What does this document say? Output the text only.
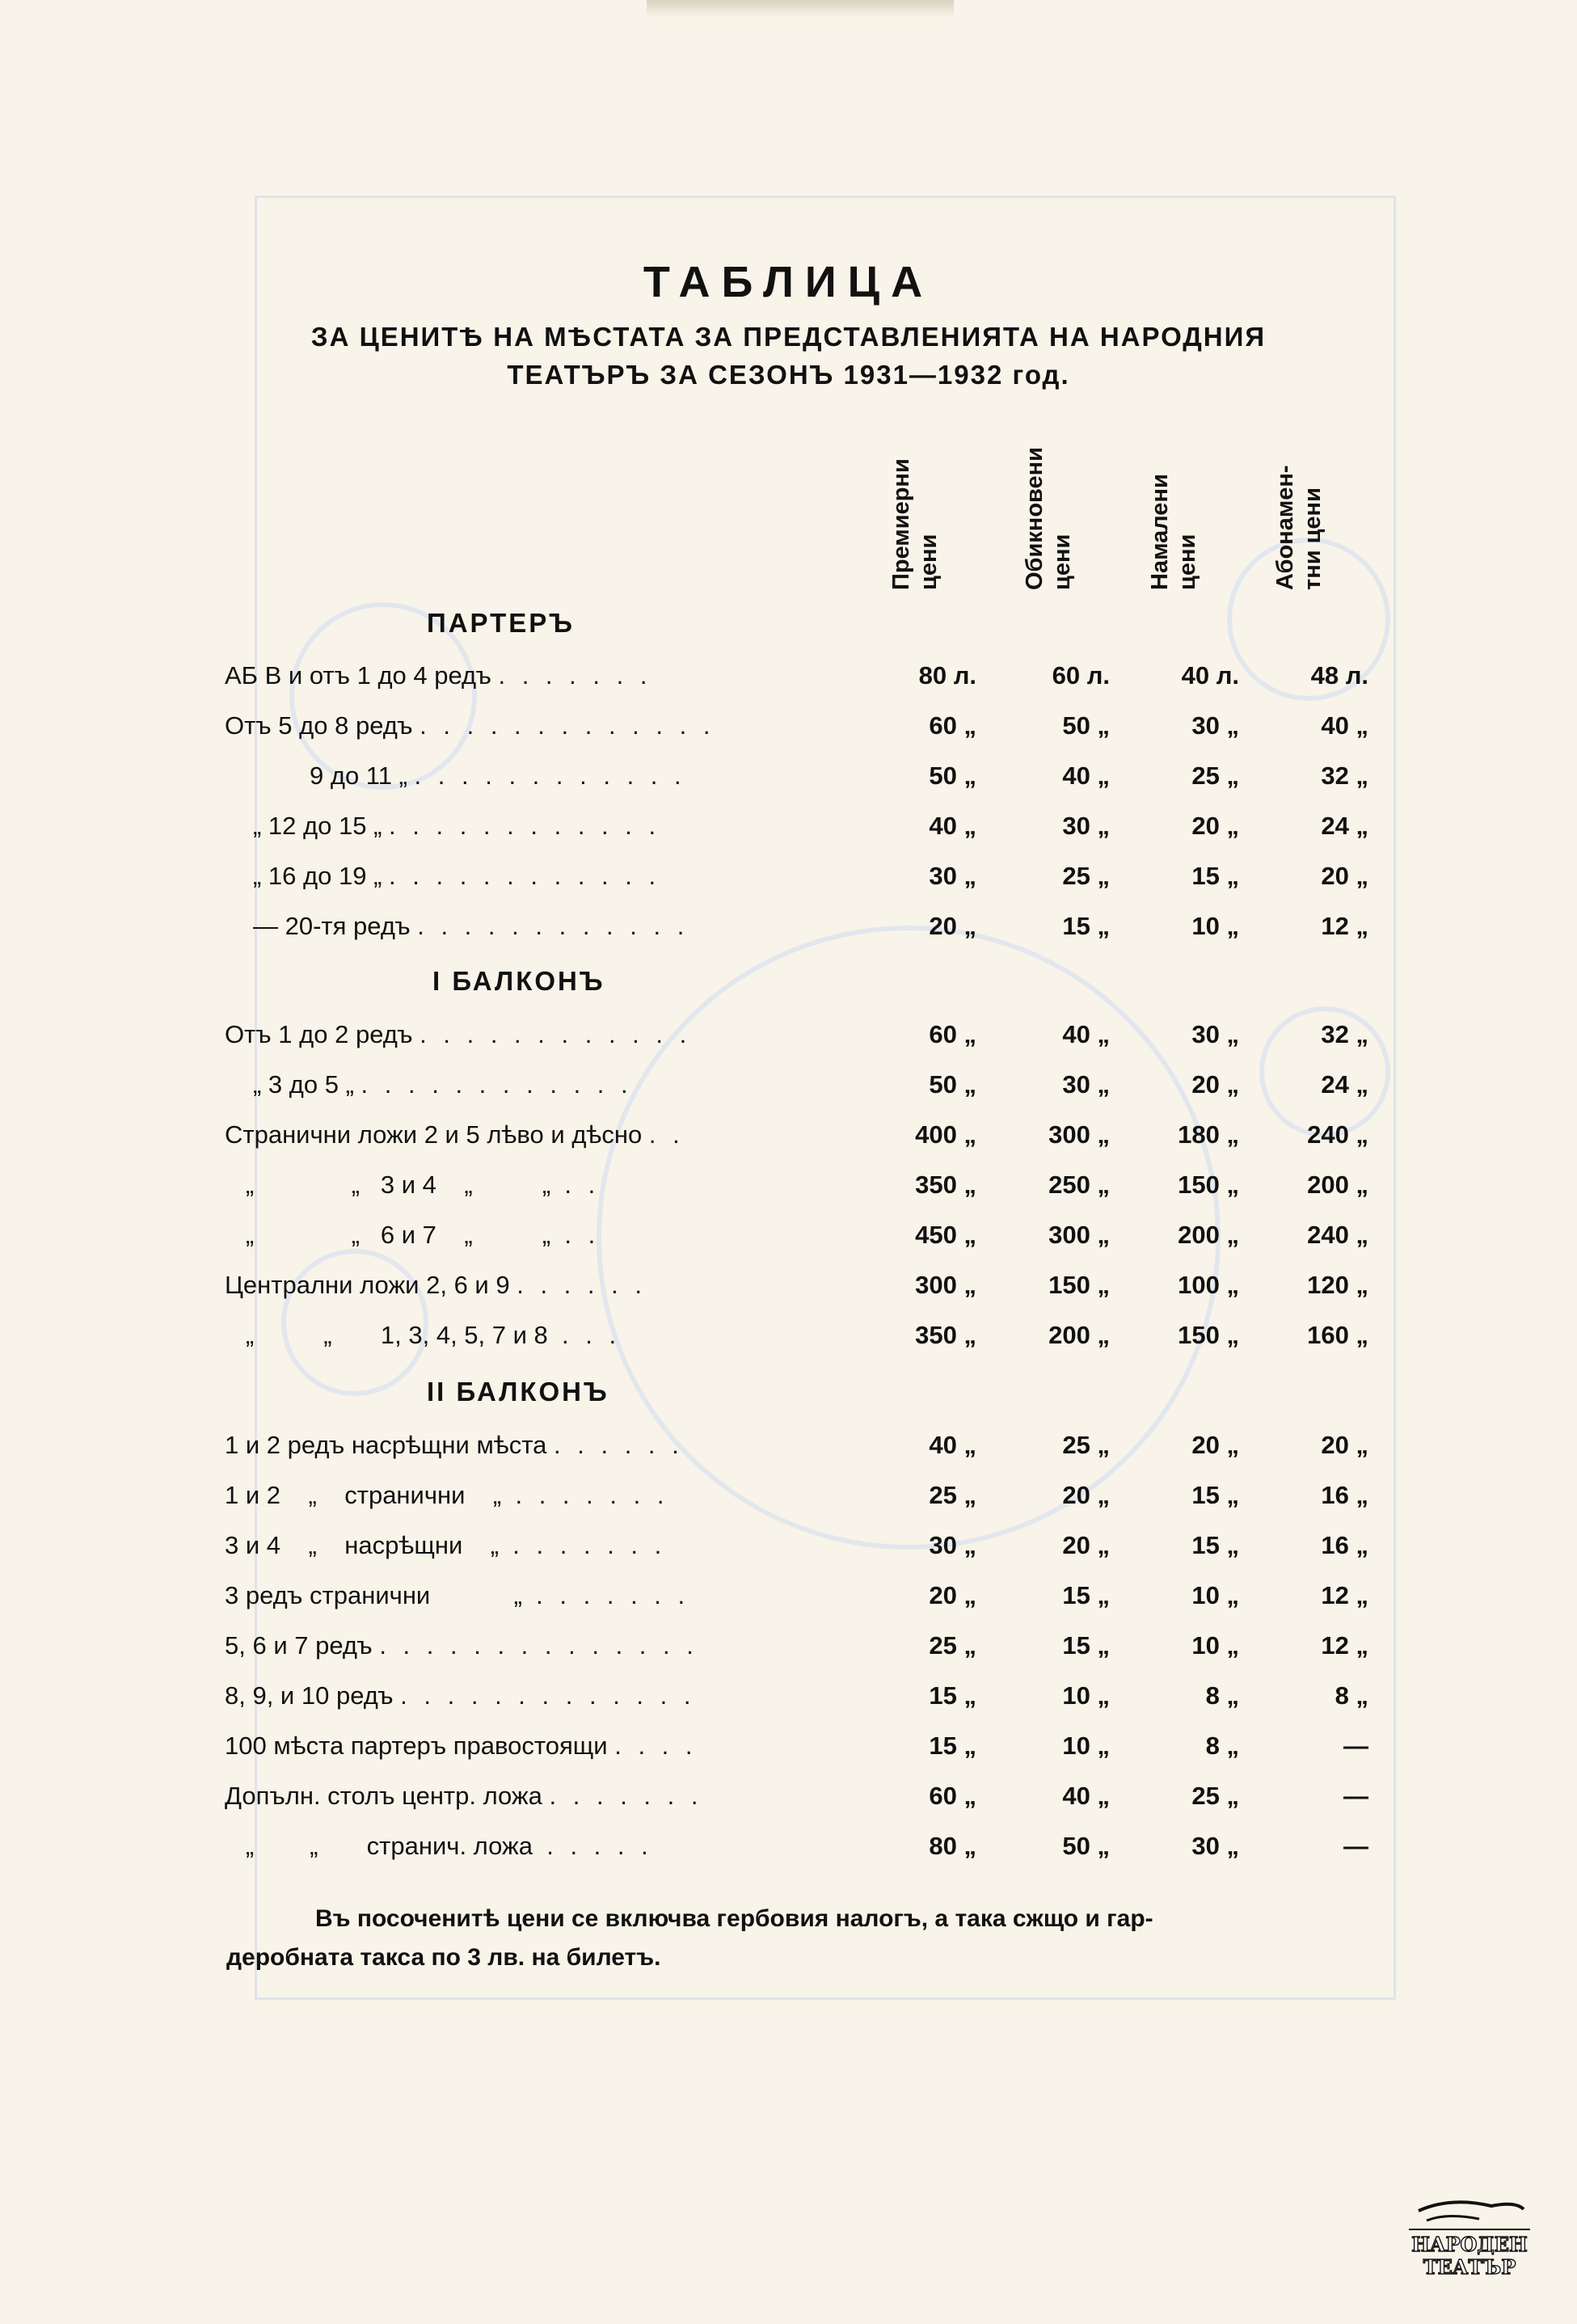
ТАБЛИЦА
ЗА ЦЕНИТѢ НА МѢСТАТА ЗА ПРЕДСТАВЛЕНИЯТА НА НАРОДНИЯ
ТЕАТЪРЪ ЗА СЕЗОНЪ 1931—1932 год.
Премиерни цени	Обикновени цени	Намалени цени	Абонамен- тни цени
ПАРТЕРЪ
АБ В и отъ 1 до 4 редъ . . . . . . .	80 л.	60 л.	40 л.	48 л.
Отъ 5 до 8 редъ . . . . . . . . . . . . .	60 „	50 „	30 „	40 „
9 до 11 „ . . . . . . . . . . . .	50 „	40 „	25 „	32 „
„ 12 до 15 „ . . . . . . . . . . . .	40 „	30 „	20 „	24 „
„ 16 до 19 „ . . . . . . . . . . . .	30 „	25 „	15 „	20 „
— 20-тя редъ . . . . . . . . . . . .	20 „	15 „	10 „	12 „
I БАЛКОНЪ
Отъ 1 до 2 редъ . . . . . . . . . . . .	60 „	40 „	30 „	32 „
„ 3 до 5 „ . . . . . . . . . . . .	50 „	30 „	20 „	24 „
Странични ложи 2 и 5 лѣво и дѣсно . .	400 „	300 „	180 „	240 „
„              „   3 и 4    „          „ . .	350 „	250 „	150 „	200 „
„              „   6 и 7    „          „ . .	450 „	300 „	200 „	240 „
Централни ложи 2, 6 и 9 . . . . . .	300 „	150 „	100 „	120 „
„          „       1, 3, 4, 5, 7 и 8 . . .	350 „	200 „	150 „	160 „
II БАЛКОНЪ
1 и 2 редъ насрѣщни мѣста . . . . . .	40 „	25 „	20 „	20 „
1 и 2    „    странични    „ . . . . . . .	25 „	20 „	15 „	16 „
3 и 4    „    насрѣщни    „ . . . . . . .	30 „	20 „	15 „	16 „
3 редъ странични            „ . . . . . . .	20 „	15 „	10 „	12 „
5, 6 и 7 редъ . . . . . . . . . . . . . .	25 „	15 „	10 „	12 „
8, 9, и 10 редъ . . . . . . . . . . . . .	15 „	10 „	8 „	8 „
100 мѣста партеръ правостоящи . . . .	15 „	10 „	8 „	—
Допълн. столъ центр. ложа . . . . . . .	60 „	40 „	25 „	—
„        „       странич. ложа . . . . .	80 „	50 „	30 „	—
Въ посоченитѣ цени се включва гербовия налогъ, а така сжщо и гар-
деробната такса по 3 лв. на билетъ.
НАРОДЕН
ТЕАТЪР
